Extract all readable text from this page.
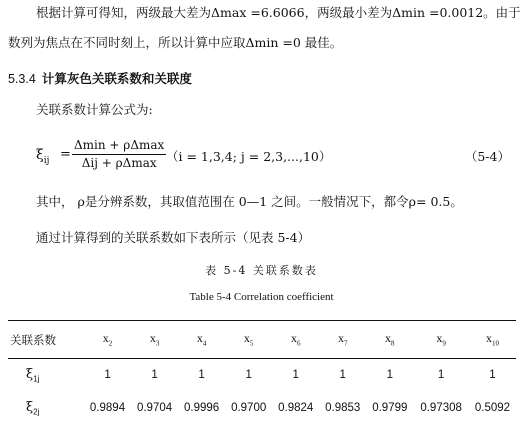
根据计算可得知，两级最大差为Δmax =6.6066，两级最小差为Δmin =0.0012。由于
数列为焦点在不同时刻上，所以计算中应取Δmin =0 最佳。
5.3.4 计算灰色关联系数和关联度
关联系数计算公式为:
$\xi_{ij}$ =
Δmin + ρΔmax
Δij + ρΔmax （i = 1,3,4; j = 2,3,...,10）	（5-4）
其中， ρ是分辨系数，其取值范围在 0—1 之间。一般情况下，都令ρ= 0.5。
通过计算得到的关联系数如下表所示（见表 5-4）
表 5-4 关联系数表
Table 5-4 Correlation coefficient
关联系数	$x_2$	$x_3$	$x_4$	$x_5$	$x_6$	$x_7$	$x_8$	$x_9$	$x_{10}$
$\xi_{1j}$	1	1	1	1	1	1	1	1	1
$\xi_{2j}$	0.9894	0.9704	0.9996	0.9700	0.9824	0.9853	0.9799	0.97308	0.5092
